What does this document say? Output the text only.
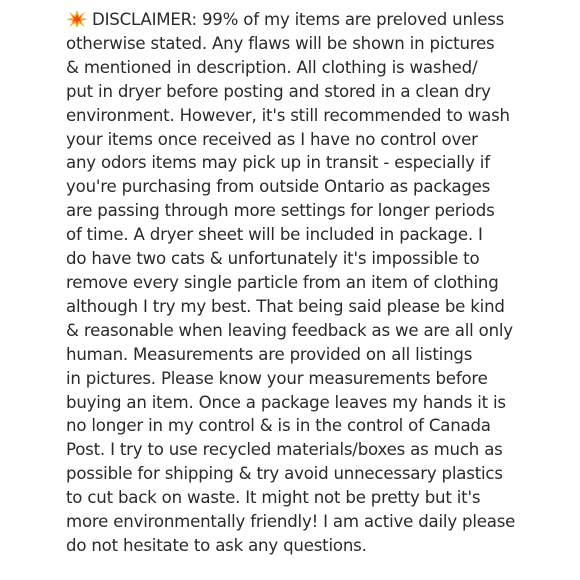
DISCLAIMER: 99% of my items are preloved unless
otherwise stated. Any flaws will be shown in pictures
& mentioned in description. All clothing is washed/
put in dryer before posting and stored in a clean dry
environment. However, it's still recommended to wash
your items once received as I have no control over
any odors items may pick up in transit - especially if
you're purchasing from outside Ontario as packages
are passing through more settings for longer periods
of time. A dryer sheet will be included in package. I
do have two cats & unfortunately it's impossible to
remove every single particle from an item of clothing
although I try my best. That being said please be kind
& reasonable when leaving feedback as we are all only
human. Measurements are provided on all listings
in pictures. Please know your measurements before
buying an item. Once a package leaves my hands it is
no longer in my control & is in the control of Canada
Post. I try to use recycled materials/boxes as much as
possible for shipping & try avoid unnecessary plastics
to cut back on waste. It might not be pretty but it's
more environmentally friendly! I am active daily please
do not hesitate to ask any questions.
